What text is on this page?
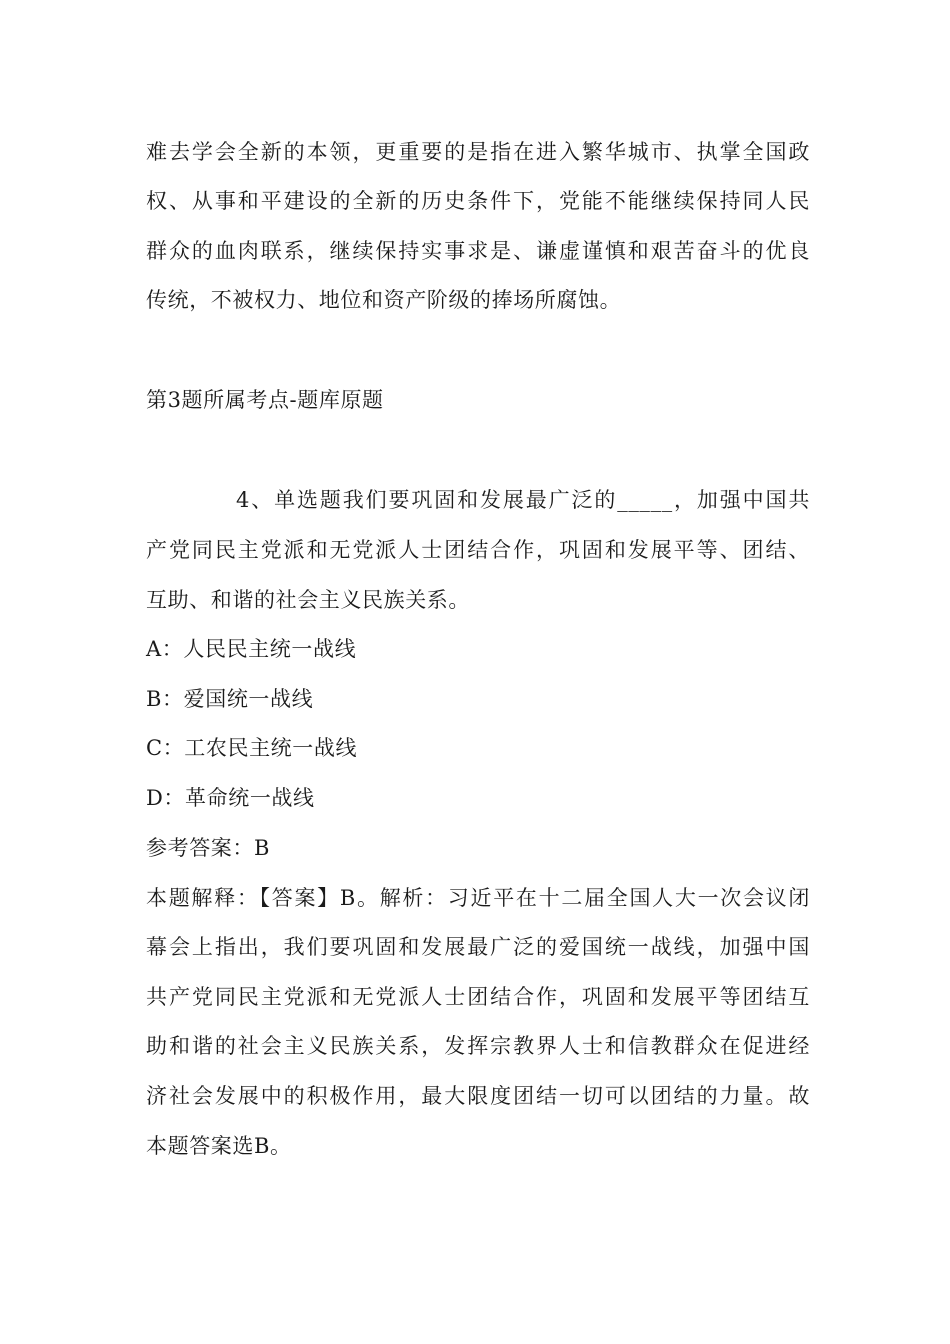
难去学会全新的本领，更重要的是指在进入繁华城市、执掌全国政
权、从事和平建设的全新的历史条件下，党能不能继续保持同人民
群众的血肉联系，继续保持实事求是、谦虚谨慎和艰苦奋斗的优良
传统，不被权力、地位和资产阶级的捧场所腐蚀。
第3题所属考点-题库原题
4、单选题我们要巩固和发展最广泛的_____，加强中国共
产党同民主党派和无党派人士团结合作，巩固和发展平等、团结、
互助、和谐的社会主义民族关系。
A：人民民主统一战线
B：爱国统一战线
C：工农民主统一战线
D：革命统一战线
参考答案：B
本题解释：【答案】B。解析：习近平在十二届全国人大一次会议闭
幕会上指出，我们要巩固和发展最广泛的爱国统一战线，加强中国
共产党同民主党派和无党派人士团结合作，巩固和发展平等团结互
助和谐的社会主义民族关系，发挥宗教界人士和信教群众在促进经
济社会发展中的积极作用，最大限度团结一切可以团结的力量。故
本题答案选B。
